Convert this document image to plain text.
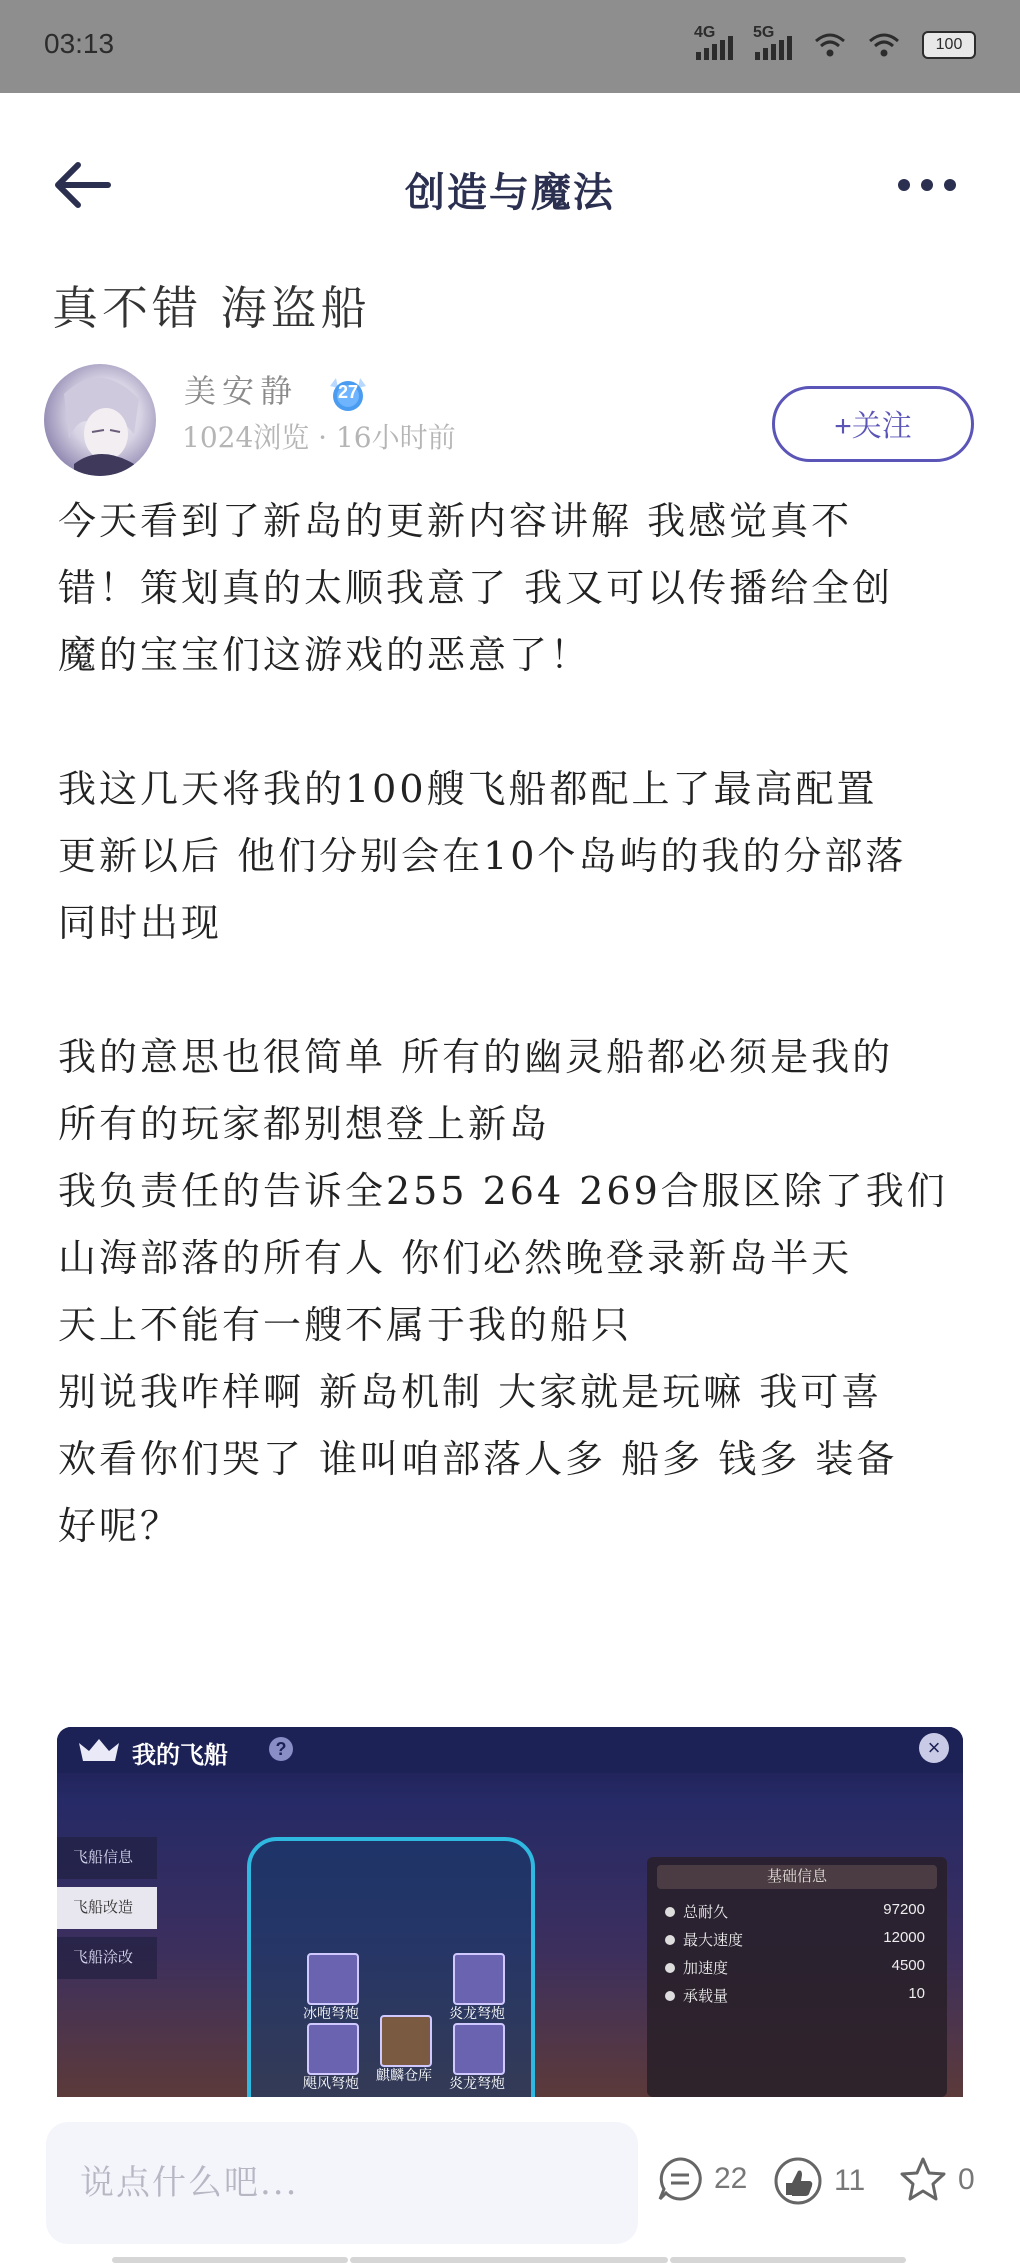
03:13	4G 5G
100
创造与魔法
真不错 海盗船
美安静	27
1024浏览 · 16小时前	+关注

今天看到了新岛的更新内容讲解 我感觉真不

错！策划真的太顺我意了 我又可以传播给全创

魔的宝宝们这游戏的恶意了！

我这几天将我的100艘飞船都配上了最高配置

更新以后 他们分别会在10个岛屿的我的分部落

同时出现

我的意思也很简单 所有的幽灵船都必须是我的

所有的玩家都别想登上新岛

我负责任的告诉全255 264 269合服区除了我们

山海部落的所有人 你们必然晚登录新岛半天

天上不能有一艘不属于我的船只

别说我咋样啊 新岛机制 大家就是玩嘛 我可喜

欢看你们哭了 谁叫咱部落人多 船多 钱多 装备

好呢？

我的飞船	?	×
飞船信息
飞船改造
飞船涂改
冰咆弩炮	炎龙弩炮
飓风弩炮	麒麟仓库	炎龙弩炮
基础信息
总耐久	97200
最大速度	12000
加速度	4500
承载量	10
说点什么吧...	22	11	0
